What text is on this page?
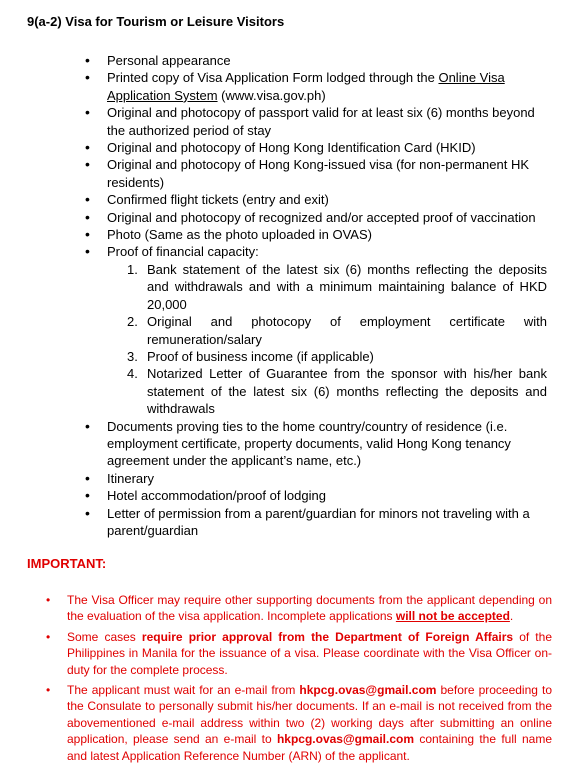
9(a-2) Visa for Tourism or Leisure Visitors
• Personal appearance
• Printed copy of Visa Application Form lodged through the Online Visa Application System (www.visa.gov.ph)
• Original and photocopy of passport valid for at least six (6) months beyond the authorized period of stay
• Original and photocopy of Hong Kong Identification Card (HKID)
• Original and photocopy of Hong Kong-issued visa (for non-permanent HK residents)
• Confirmed flight tickets (entry and exit)
• Original and photocopy of recognized and/or accepted proof of vaccination
• Photo (Same as the photo uploaded in OVAS)
• Proof of financial capacity:
1. Bank statement of the latest six (6) months reflecting the deposits and withdrawals and with a minimum maintaining balance of HKD 20,000
2. Original and photocopy of employment certificate with remuneration/salary
3. Proof of business income (if applicable)
4. Notarized Letter of Guarantee from the sponsor with his/her bank statement of the latest six (6) months reflecting the deposits and withdrawals
• Documents proving ties to the home country/country of residence (i.e. employment certificate, property documents, valid Hong Kong tenancy agreement under the applicant’s name, etc.)
• Itinerary
• Hotel accommodation/proof of lodging
• Letter of permission from a parent/guardian for minors not traveling with a parent/guardian
IMPORTANT:
• The Visa Officer may require other supporting documents from the applicant depending on the evaluation of the visa application. Incomplete applications will not be accepted.
• Some cases require prior approval from the Department of Foreign Affairs of the Philippines in Manila for the issuance of a visa. Please coordinate with the Visa Officer on-duty for the complete process.
• The applicant must wait for an e-mail from hkpcg.ovas@gmail.com before proceeding to the Consulate to personally submit his/her documents. If an e-mail is not received from the abovementioned e-mail address within two (2) working days after submitting an online application, please send an e-mail to hkpcg.ovas@gmail.com containing the full name and latest Application Reference Number (ARN) of the applicant.
